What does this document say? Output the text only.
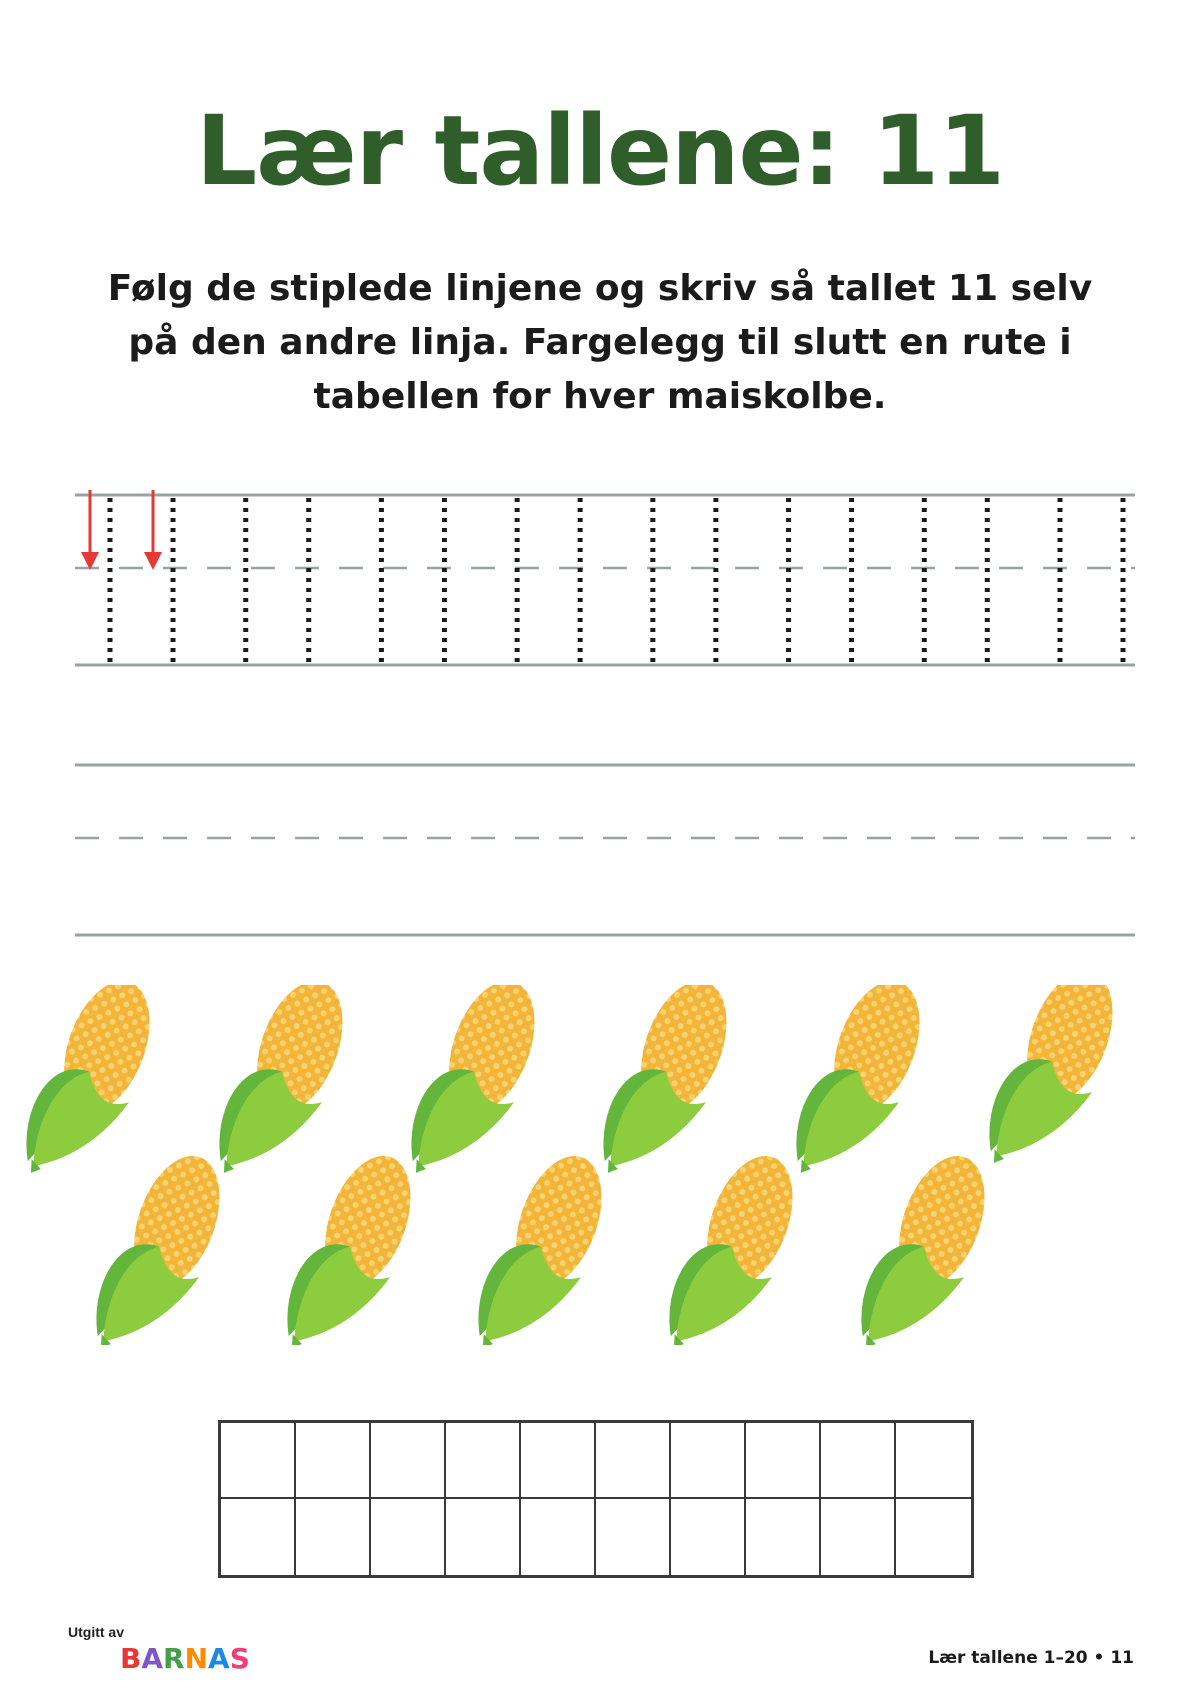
Lær tallene: 11

Følg de stiplede linjene og skriv så tallet 11 selv på den andre linja. Fargelegg til slutt en rute i tabellen for hver maiskolbe.

Utgitt av
BARNAS	Lær tallene 1–20 • 11
